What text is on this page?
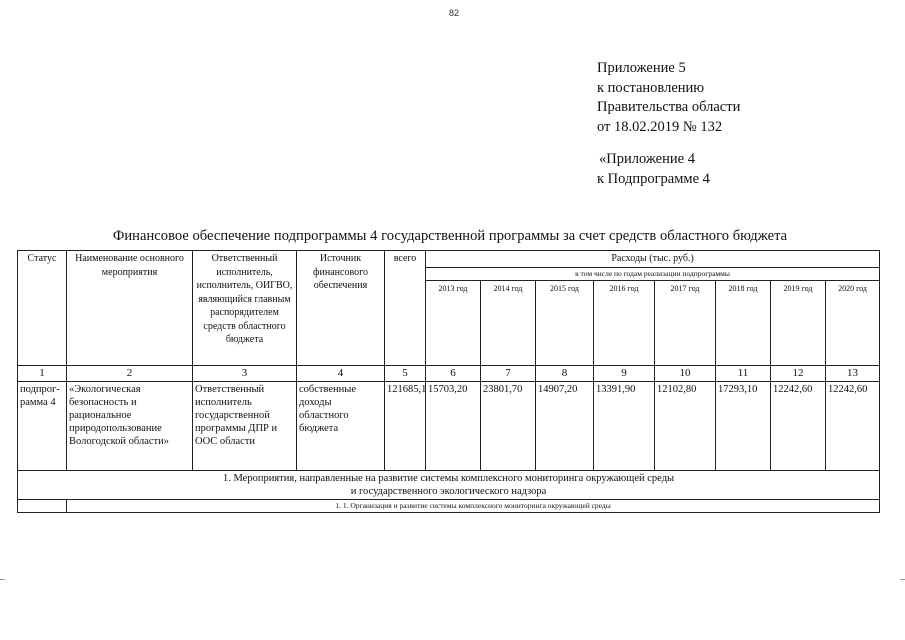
82
Приложение 5
к постановлению
Правительства области
от 18.02.2019 № 132
«Приложение 4
к Подпрограмме 4
Финансовое обеспечение подпрограммы 4 государственной программы за счет средств областного бюджета
Статус	Наименование основного мероприятия	Ответственный исполнитель, исполнитель, ОИГВО, являющийся главным распорядителем средств областного бюджета	Источник финансового обеспечения	всего	Расходы (тыс. руб.)							
					в том числе по годам реализации подпрограммы							
					2013 год	2014 год	2015 год	2016 год	2017 год	2018 год	2019 год	2020 год
1	2	3	4	5	6	7	8	9	10	11	12	13
подпрог-рамма 4	«Экологическая безопасность и рациональное природопользование Вологодской области»	Ответственный исполнитель государственной программы ДПР и ООС области	собственные доходы областного бюджета	121685,1	15703,20	23801,70	14907,20	13391,90	12102,80	17293,10	12242,60	12242,60

1. Мероприятия, направленные на развитие системы комплексного мониторинга окружающей среды
и государственного экологического надзора												

	1. 1. Организация и развитие системы комплексного мониторинга окружающей среды											
